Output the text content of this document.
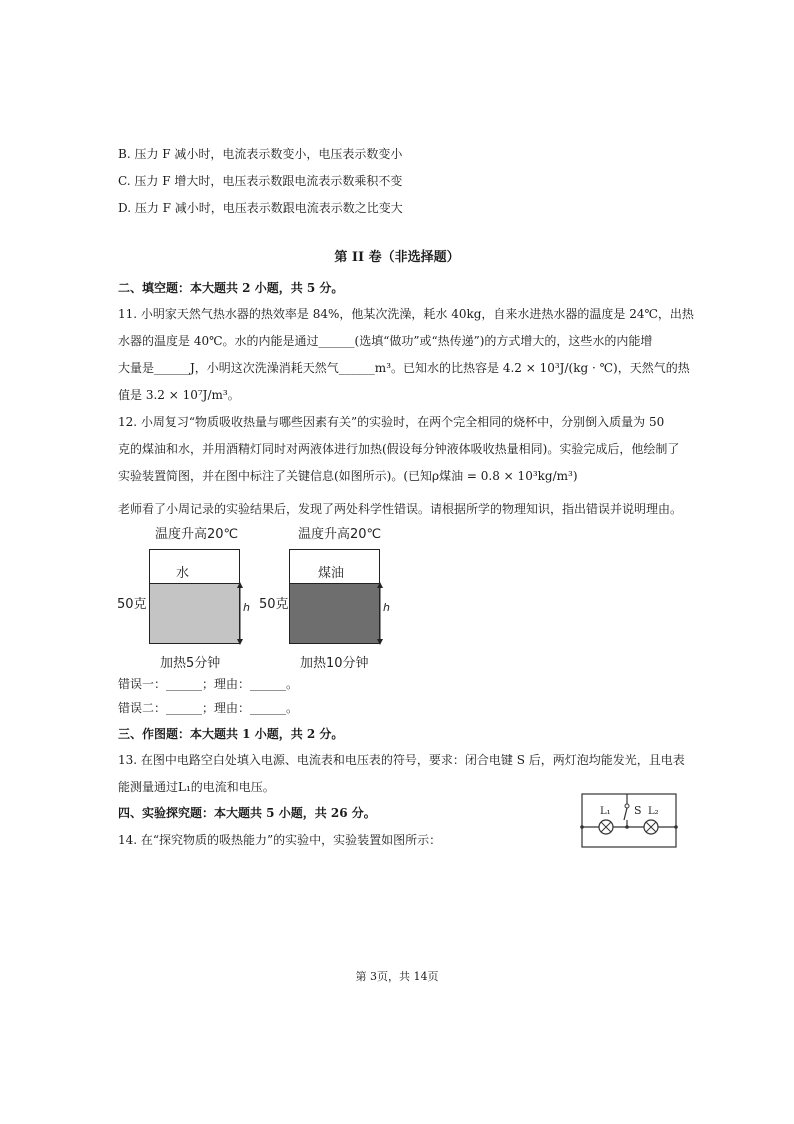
B. 压力 F 减小时，电流表示数变小，电压表示数变小
C. 压力 F 增大时，电压表示数跟电流表示数乘积不变
D. 压力 F 减小时，电压表示数跟电流表示数之比变大
第 II 卷（非选择题）
二、填空题：本大题共 2 小题，共 5 分。
11. 小明家天然气热水器的热效率是 84%，他某次洗澡，耗水 40kg，自来水进热水器的温度是 24℃，出热
水器的温度是 40℃。水的内能是通过______(选填“做功”或“热传递”)的方式增大的，这些水的内能增
大量是______J，小明这次洗澡消耗天然气______m³。已知水的比热容是 4.2 × 10³J/(kg · ℃)，天然气的热
值是 3.2 × 10⁷J/m³。
12. 小周复习“物质吸收热量与哪些因素有关”的实验时，在两个完全相同的烧杯中，分别倒入质量为 50
克的煤油和水，并用酒精灯同时对两液体进行加热(假设每分钟液体吸收热量相同)。实验完成后，他绘制了
实验装置简图，并在图中标注了关键信息(如图所示)。(已知ρ煤油 = 0.8 × 10³kg/m³)
老师看了小周记录的实验结果后，发现了两处科学性错误。请根据所学的物理知识，指出错误并说明理由。
温度升高20℃
水
50克	h
加热5分钟
温度升高20℃
煤油
50克	h
加热10分钟
错误一：______；理由：______。
错误二：______；理由：______。
三、作图题：本大题共 1 小题，共 2 分。
13. 在图中电路空白处填入电源、电流表和电压表的符号，要求：闭合电键 S 后，两灯泡均能发光，且电表
能测量通过L₁的电流和电压。
四、实验探究题：本大题共 5 小题，共 26 分。
14. 在“探究物质的吸热能力”的实验中，实验装置如图所示：
L₁ S L₂
第 3页，共 14页
